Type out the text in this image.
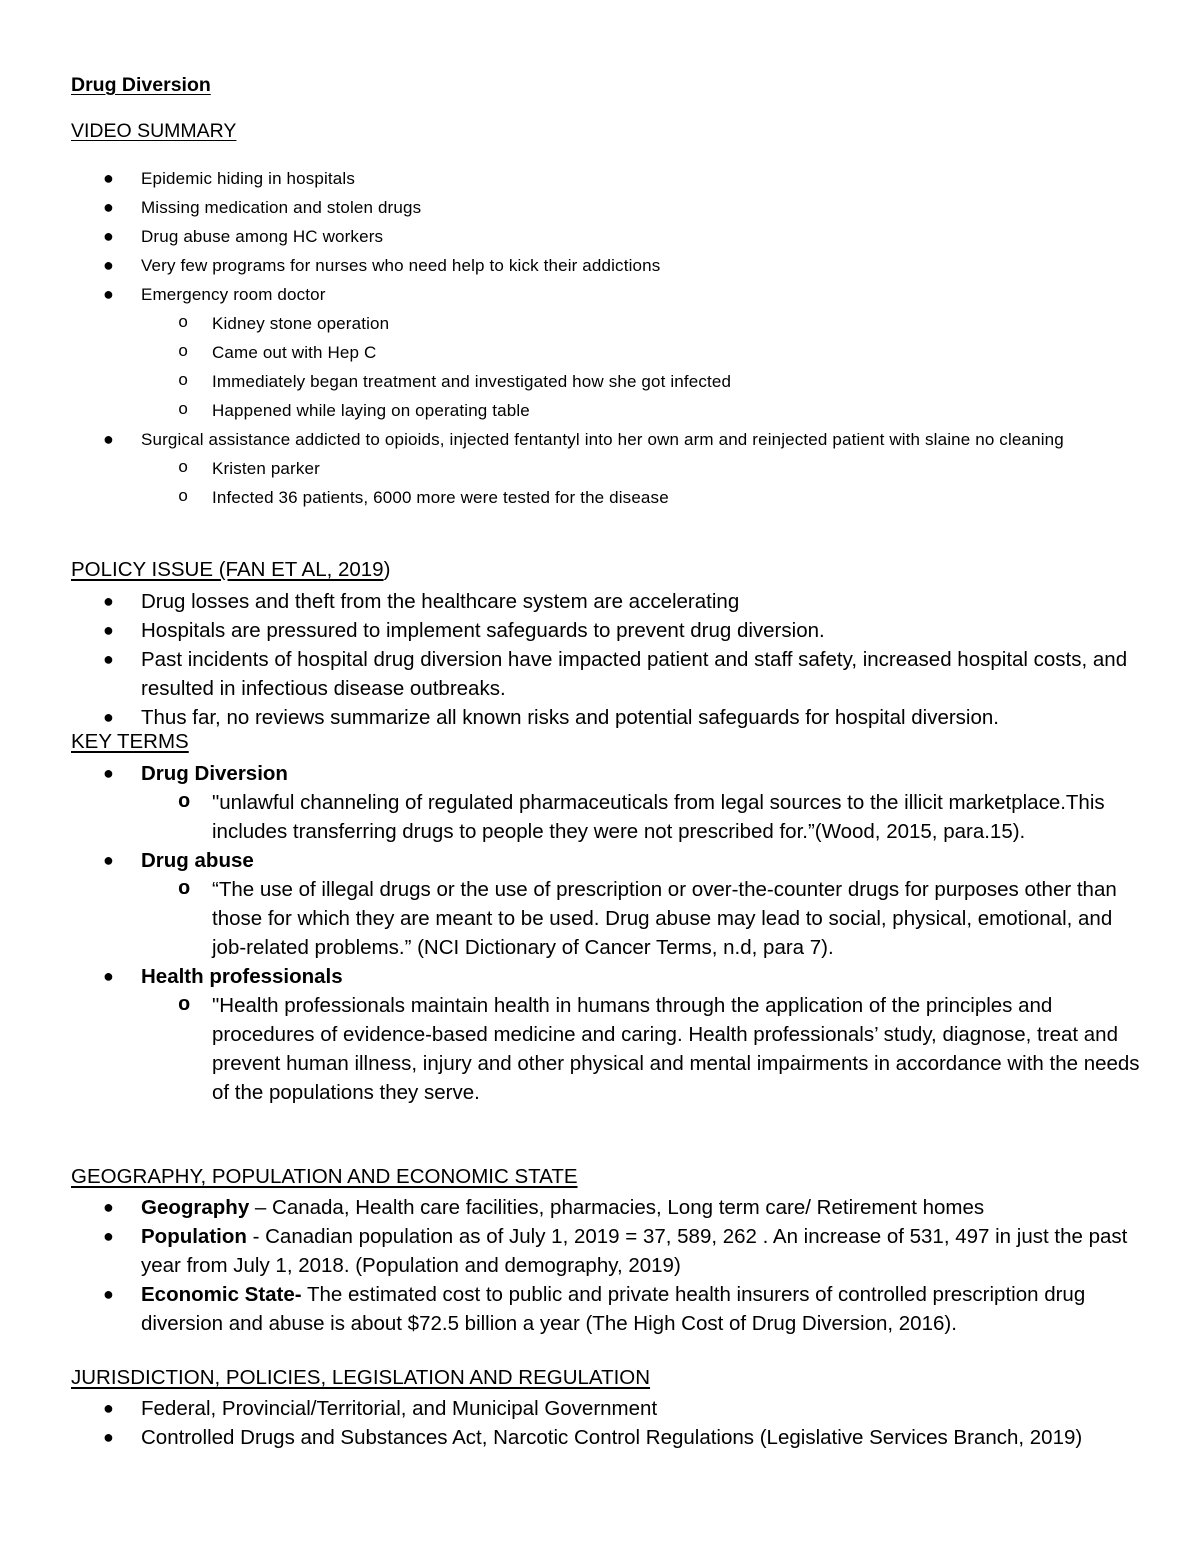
Drug Diversion
VIDEO SUMMARY
● Epidemic hiding in hospitals
● Missing medication and stolen drugs
● Drug abuse among HC workers
● Very few programs for nurses who need help to kick their addictions
● Emergency room doctor
o Kidney stone operation
o Came out with Hep C
o Immediately began treatment and investigated how she got infected
o Happened while laying on operating table
● Surgical assistance addicted to opioids, injected fentantyl into her own arm and reinjected patient with slaine no cleaning
o Kristen parker
o Infected 36 patients, 6000 more were tested for the disease
POLICY ISSUE (FAN ET AL, 2019)
● Drug losses and theft from the healthcare system are accelerating
● Hospitals are pressured to implement safeguards to prevent drug diversion.
● Past incidents of hospital drug diversion have impacted patient and staff safety, increased hospital costs, and resulted in infectious disease outbreaks.
● Thus far, no reviews summarize all known risks and potential safeguards for hospital diversion.
KEY TERMS
● Drug Diversion
o "unlawful channeling of regulated pharmaceuticals from legal sources to the illicit marketplace.This includes transferring drugs to people they were not prescribed for.”(Wood, 2015, para.15).
● Drug abuse
o “The use of illegal drugs or the use of prescription or over-the-counter drugs for purposes other than those for which they are meant to be used. Drug abuse may lead to social, physical, emotional, and job-related problems.” (NCI Dictionary of Cancer Terms, n.d, para 7).
● Health professionals
o "Health professionals maintain health in humans through the application of the principles and procedures of evidence-based medicine and caring. Health professionals’ study, diagnose, treat and prevent human illness, injury and other physical and mental impairments in accordance with the needs of the populations they serve.
GEOGRAPHY, POPULATION AND ECONOMIC STATE
● Geography – Canada, Health care facilities, pharmacies, Long term care/ Retirement homes
● Population - Canadian population as of July 1, 2019 = 37, 589, 262 . An increase of 531, 497 in just the past year from July 1, 2018. (Population and demography, 2019)
● Economic State- The estimated cost to public and private health insurers of controlled prescription drug diversion and abuse is about $72.5 billion a year (The High Cost of Drug Diversion, 2016).
JURISDICTION, POLICIES, LEGISLATION AND REGULATION
● Federal, Provincial/Territorial, and Municipal Government
● Controlled Drugs and Substances Act, Narcotic Control Regulations (Legislative Services Branch, 2019)
